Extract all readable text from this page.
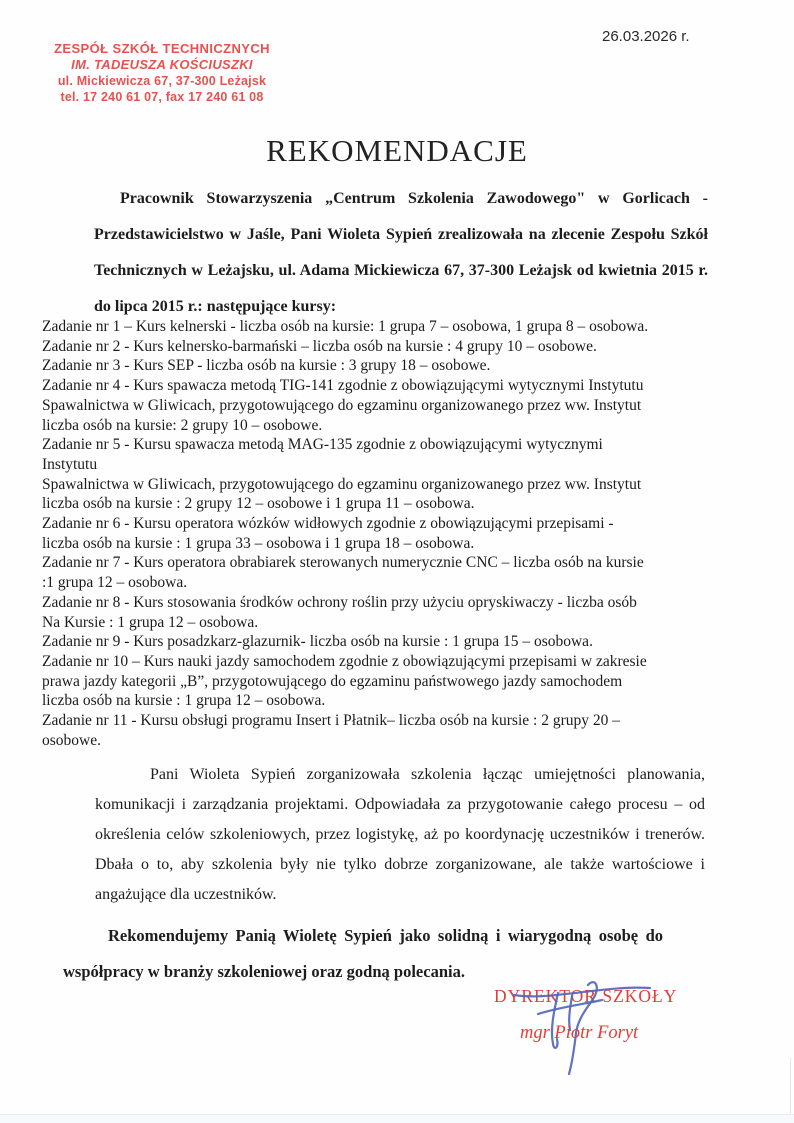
26.03.2026 r.
ZESPÓŁ SZKÓŁ TECHNICZNYCH
IM. TADEUSZA KOŚCIUSZKI
ul. Mickiewicza 67, 37-300 Leżajsk
tel. 17 240 61 07, fax 17 240 61 08
REKOMENDACJE
Pracownik Stowarzyszenia „Centrum Szkolenia Zawodowego" w Gorlicach - Przedstawicielstwo w Jaśle, Pani Wioleta Sypień zrealizowała na zlecenie Zespołu Szkół Technicznych w Leżajsku, ul. Adama Mickiewicza 67, 37-300 Leżajsk od kwietnia 2015 r. do lipca 2015 r.: następujące kursy:
Zadanie nr 1 – Kurs kelnerski - liczba osób na kursie: 1 grupa 7 – osobowa, 1 grupa 8 – osobowa.
Zadanie nr 2 - Kurs kelnersko-barmański – liczba osób na kursie : 4 grupy 10 – osobowe.
Zadanie nr 3 - Kurs SEP - liczba osób na kursie : 3 grupy 18 – osobowe.
Zadanie nr 4 - Kurs spawacza metodą TIG-141 zgodnie z obowiązującymi wytycznymi Instytutu
Spawalnictwa w Gliwicach, przygotowującego do egzaminu organizowanego przez ww. Instytut
liczba osób na kursie: 2 grupy 10 – osobowe.
Zadanie nr 5 - Kursu spawacza metodą MAG-135 zgodnie z obowiązującymi wytycznymi
Instytutu
Spawalnictwa w Gliwicach, przygotowującego do egzaminu organizowanego przez ww. Instytut
liczba osób na kursie : 2 grupy 12 – osobowe i 1 grupa 11 – osobowa.
Zadanie nr 6 - Kursu operatora wózków widłowych zgodnie z obowiązującymi przepisami -
liczba osób na kursie : 1 grupa 33 – osobowa i 1 grupa 18 – osobowa.
Zadanie nr 7 - Kurs operatora obrabiarek sterowanych numerycznie CNC – liczba osób na kursie
:1 grupa 12 – osobowa.
Zadanie nr 8 - Kurs stosowania środków ochrony roślin przy użyciu opryskiwaczy - liczba osób
Na Kursie : 1 grupa 12 – osobowa.
Zadanie nr 9 - Kurs posadzkarz-glazurnik- liczba osób na kursie : 1 grupa 15 – osobowa.
Zadanie nr 10 – Kurs nauki jazdy samochodem zgodnie z obowiązującymi przepisami w zakresie
prawa jazdy kategorii „B”, przygotowującego do egzaminu państwowego jazdy samochodem
liczba osób na kursie : 1 grupa 12 – osobowa.
Zadanie nr 11 - Kursu obsługi programu Insert i Płatnik– liczba osób na kursie : 2 grupy 20 –
osobowe.
Pani Wioleta Sypień zorganizowała szkolenia łącząc umiejętności planowania, komunikacji i zarządzania projektami. Odpowiadała za przygotowanie całego procesu – od określenia celów szkoleniowych, przez logistykę, aż po koordynację uczestników i trenerów. Dbała o to, aby szkolenia były nie tylko dobrze zorganizowane, ale także wartościowe i angażujące dla uczestników.
Rekomendujemy Panią Wioletę Sypień jako solidną i wiarygodną osobę do współpracy w branży szkoleniowej oraz godną polecania.
DYREKTOR SZKOŁY
mgr Piotr Foryt
